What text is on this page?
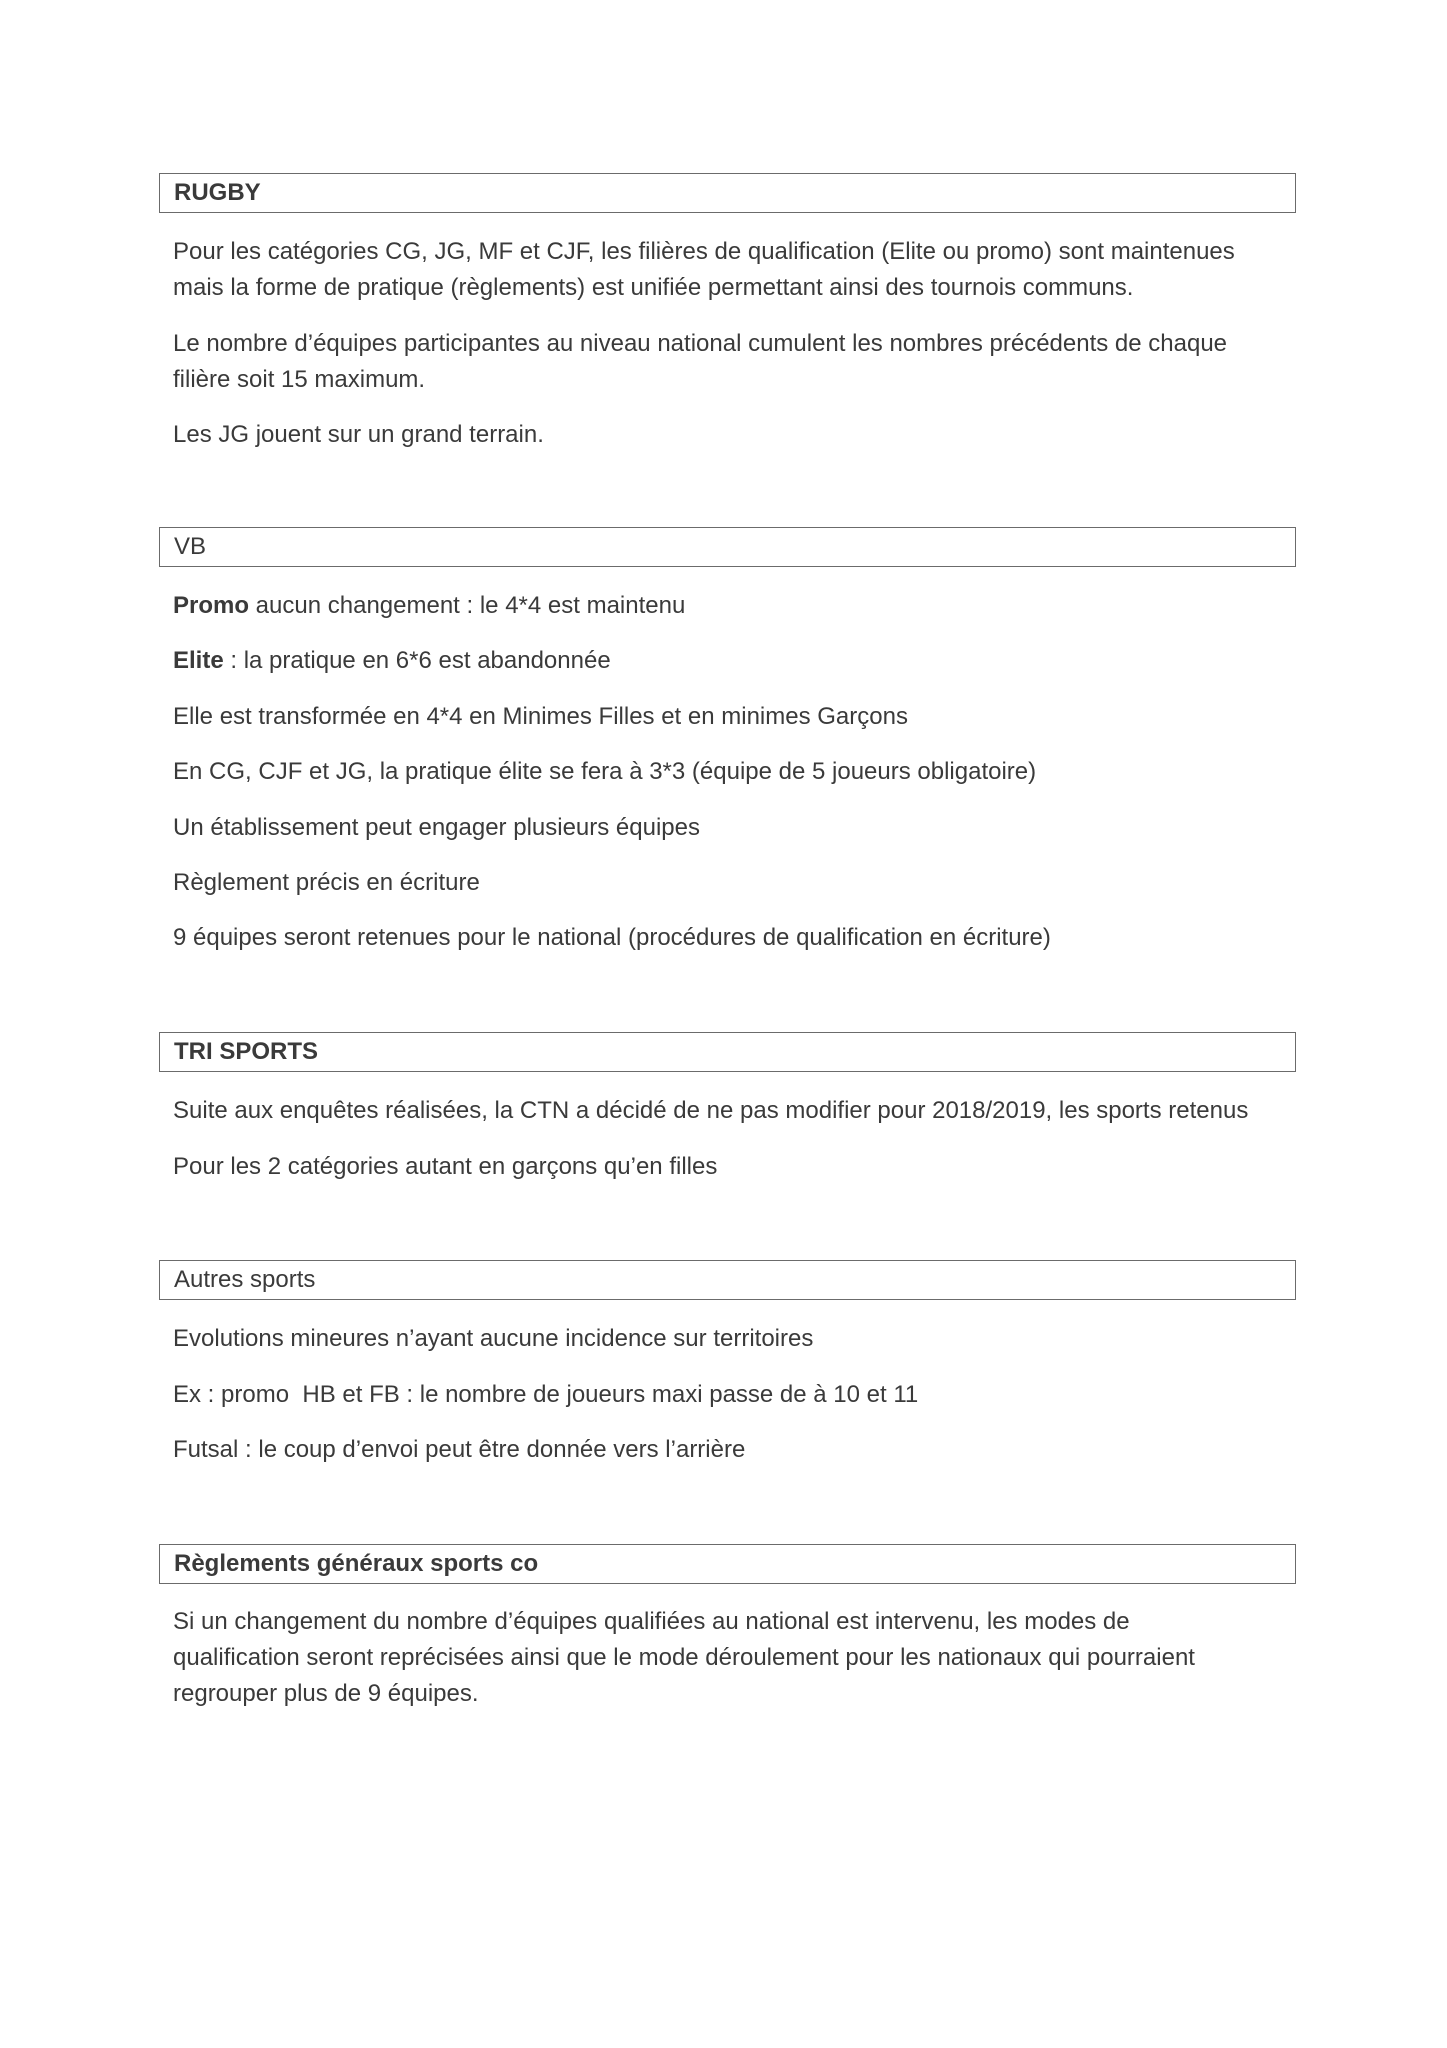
RUGBY

Pour les catégories CG, JG, MF et CJF, les filières de qualification (Elite ou promo) sont maintenues

mais la forme de pratique (règlements) est unifiée permettant ainsi des tournois communs.

Le nombre d’équipes participantes au niveau national cumulent les nombres précédents de chaque

filière soit 15 maximum.

Les JG jouent sur un grand terrain.

VB

Promo aucun changement : le 4*4 est maintenu

Elite : la pratique en 6*6 est abandonnée

Elle est transformée en 4*4 en Minimes Filles et en minimes Garçons

En CG, CJF et JG, la pratique élite se fera à 3*3 (équipe de 5 joueurs obligatoire)

Un établissement peut engager plusieurs équipes

Règlement précis en écriture

9 équipes seront retenues pour le national (procédures de qualification en écriture)

TRI SPORTS

Suite aux enquêtes réalisées, la CTN a décidé de ne pas modifier pour 2018/2019, les sports retenus

Pour les 2 catégories autant en garçons qu’en filles

Autres sports

Evolutions mineures n’ayant aucune incidence sur territoires

Ex : promo  HB et FB : le nombre de joueurs maxi passe de à 10 et 11

Futsal : le coup d’envoi peut être donnée vers l’arrière

Règlements généraux sports co

Si un changement du nombre d’équipes qualifiées au national est intervenu, les modes de

qualification seront reprécisées ainsi que le mode déroulement pour les nationaux qui pourraient

regrouper plus de 9 équipes.
